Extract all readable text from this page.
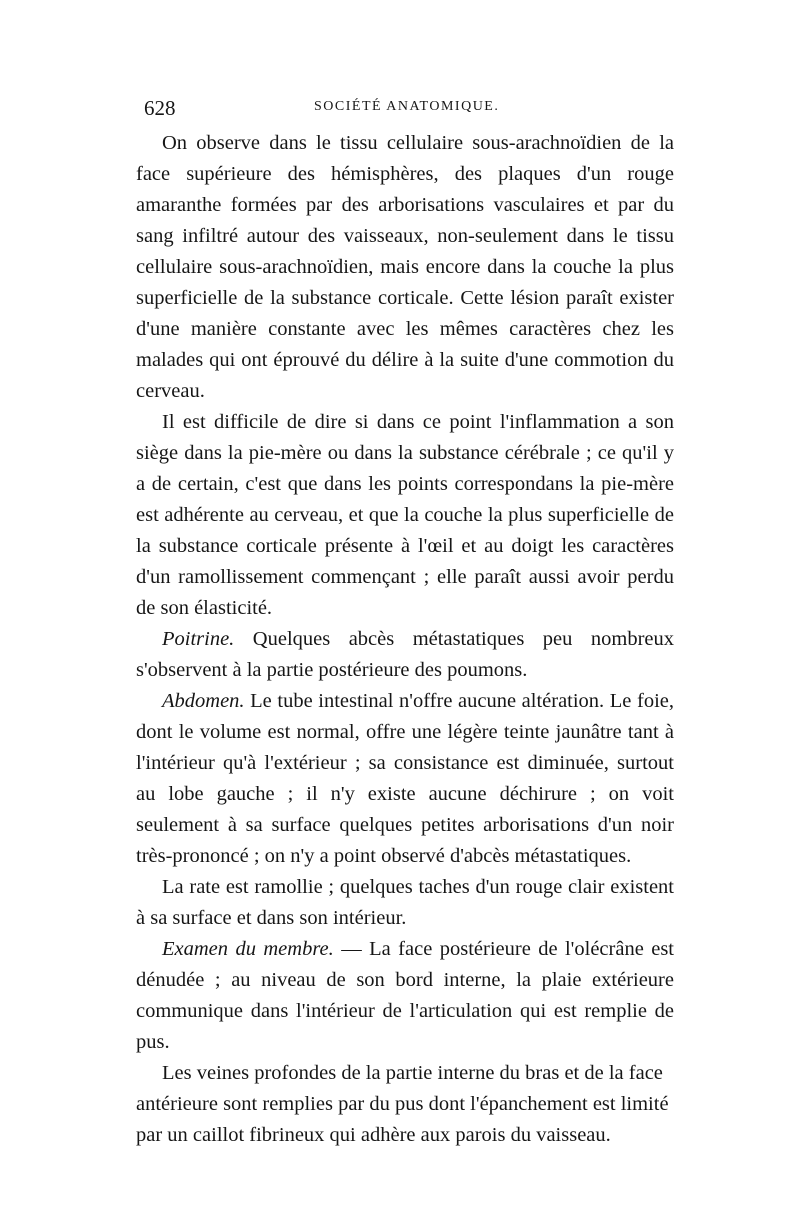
628	SOCIÉTÉ ANATOMIQUE.

On observe dans le tissu cellulaire sous-arachnoïdien de la face supérieure des hémisphères, des plaques d'un rouge amaranthe formées par des arborisations vasculaires et par du sang infiltré autour des vaisseaux, non-seulement dans le tissu cellulaire sous-arachnoïdien, mais encore dans la couche la plus superficielle de la substance corticale. Cette lésion paraît exister d'une manière constante avec les mêmes caractères chez les malades qui ont éprouvé du délire à la suite d'une commotion du cerveau.

Il est difficile de dire si dans ce point l'inflammation a son siège dans la pie-mère ou dans la substance cérébrale ; ce qu'il y a de certain, c'est que dans les points correspondans la pie-mère est adhérente au cerveau, et que la couche la plus superficielle de la substance corticale présente à l'œil et au doigt les caractères d'un ramollissement commençant ; elle paraît aussi avoir perdu de son élasticité.

Poitrine. Quelques abcès métastatiques peu nombreux s'observent à la partie postérieure des poumons.

Abdomen. Le tube intestinal n'offre aucune altération. Le foie, dont le volume est normal, offre une légère teinte jaunâtre tant à l'intérieur qu'à l'extérieur ; sa consistance est diminuée, surtout au lobe gauche ; il n'y existe aucune déchirure ; on voit seulement à sa surface quelques petites arborisations d'un noir très-prononcé ; on n'y a point observé d'abcès métastatiques.

La rate est ramollie ; quelques taches d'un rouge clair existent à sa surface et dans son intérieur.

Examen du membre. — La face postérieure de l'olécrâne est dénudée ; au niveau de son bord interne, la plaie extérieure communique dans l'intérieur de l'articulation qui est remplie de pus.

Les veines profondes de la partie interne du bras et de la face antérieure sont remplies par du pus dont l'épanchement est limité par un caillot fibrineux qui adhère aux parois du vaisseau.
